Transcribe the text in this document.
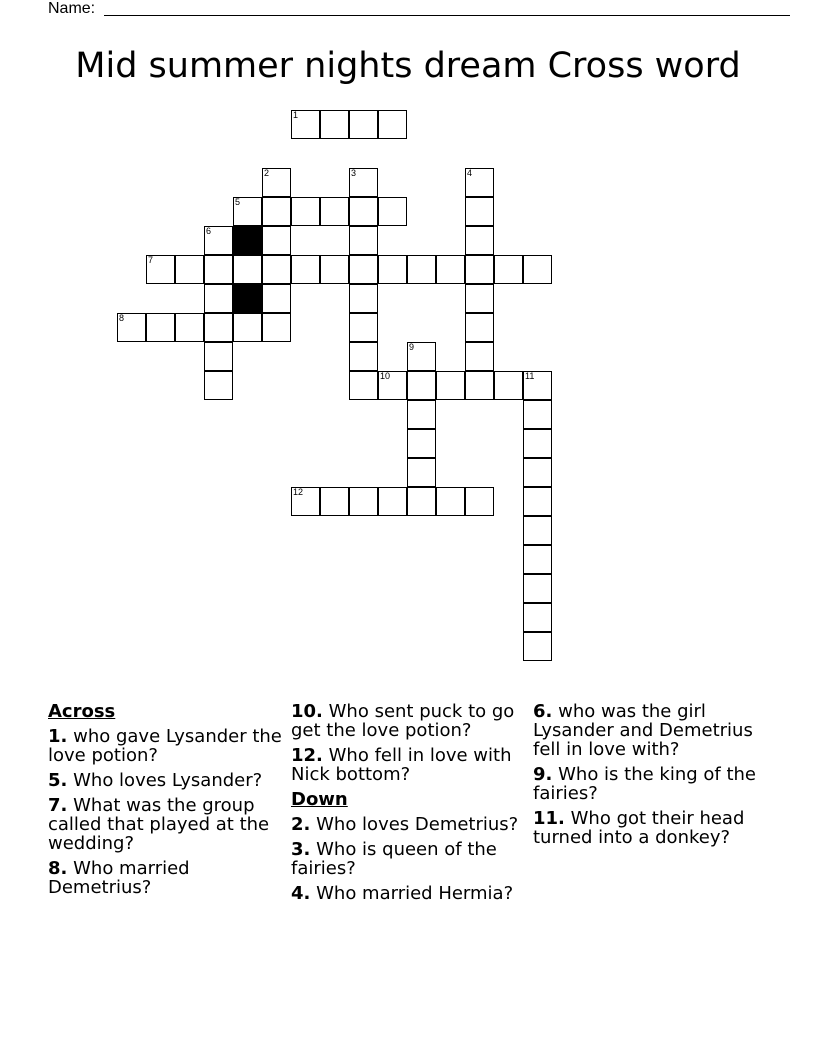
Name:
Mid summer nights dream Cross word
1
2	3	4
5
6
7
8
9
10	11
12
Across
1. who gave Lysander the love potion?
5. Who loves Lysander?
7. What was the group called that played at the wedding?
8. Who married Demetrius?
10. Who sent puck to go get the love potion?
12. Who fell in love with Nick bottom?
Down
2. Who loves Demetrius?
3. Who is queen of the fairies?
4. Who married Hermia?
6. who was the girl Lysander and Demetrius fell in love with?
9. Who is the king of the fairies?
11. Who got their head turned into a donkey?
